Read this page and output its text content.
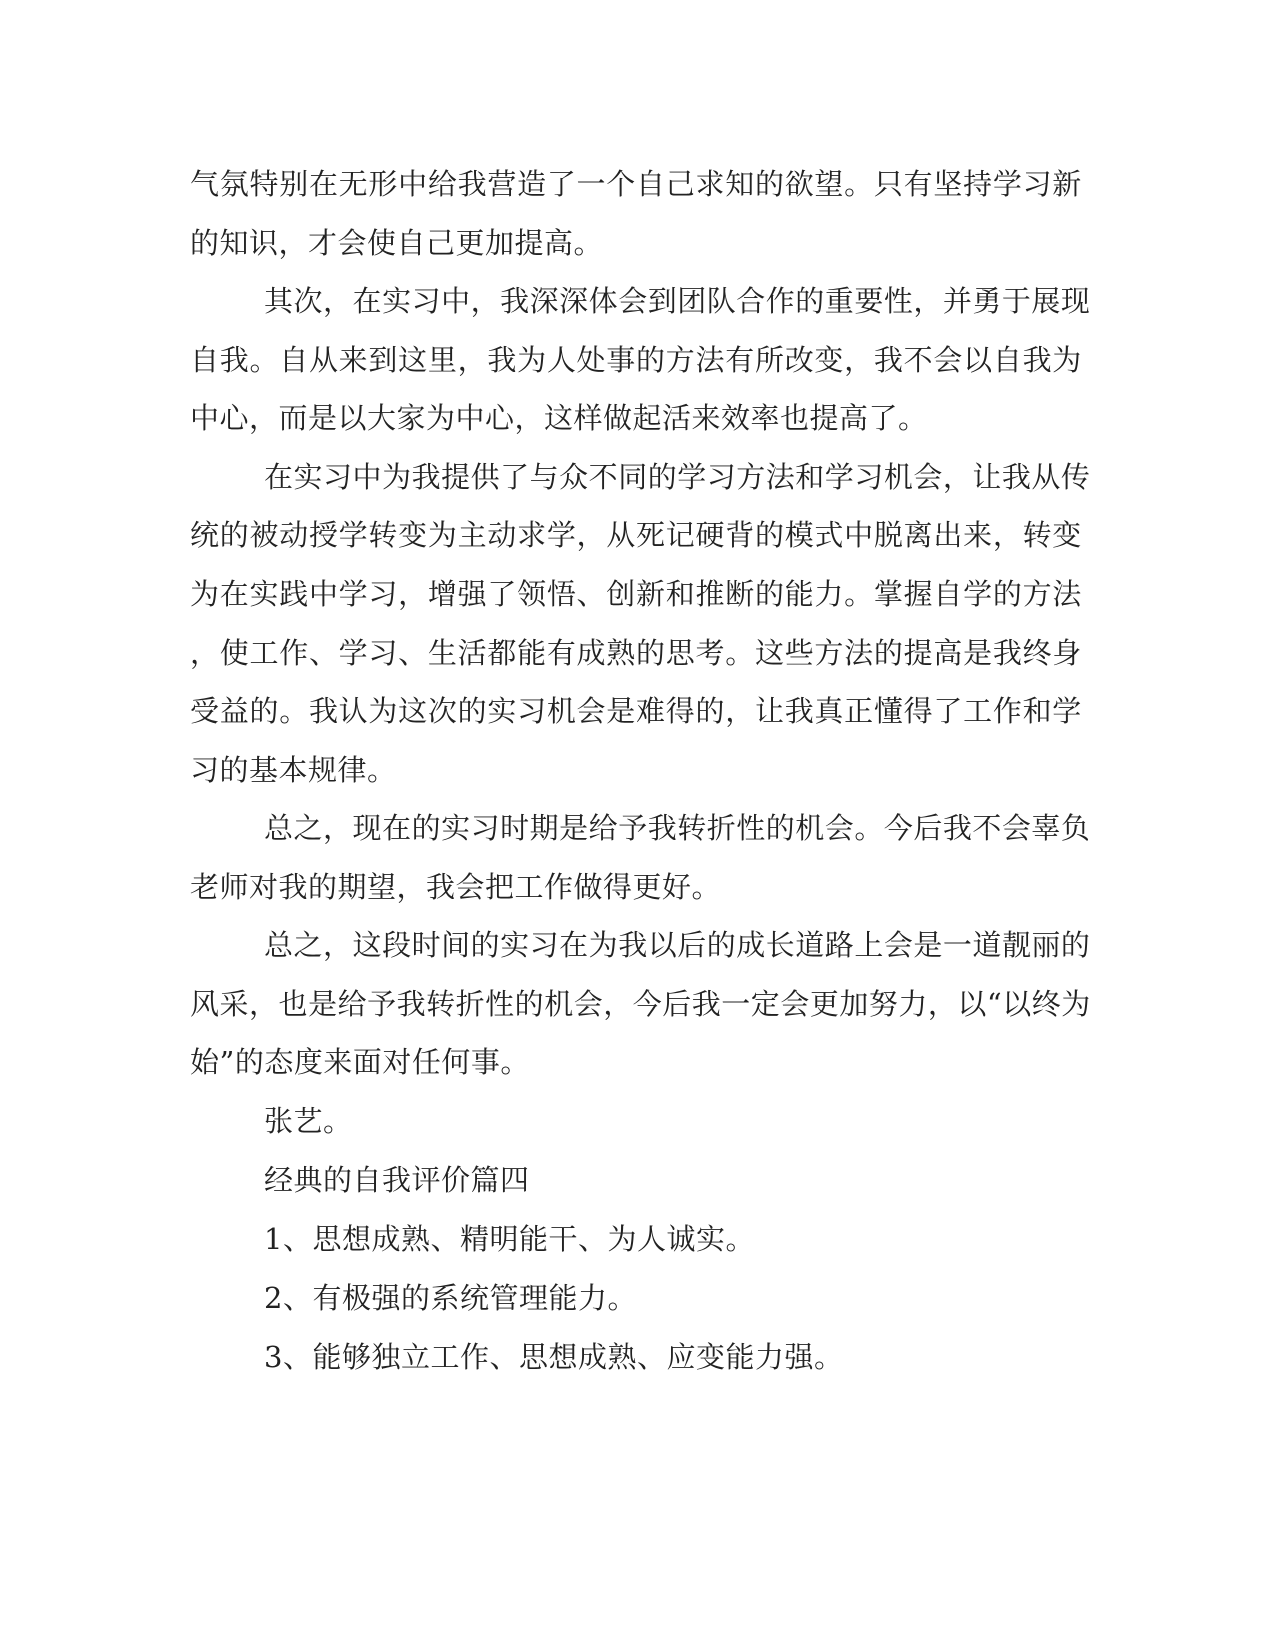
气 氛 特 别 在 无 形 中 给 我 营 造 了 一 个 自 己 求 知 的 欲 望 。 只 有 坚 持 学 习 新
的知识，才会使自己更加提高。
其 次 ， 在 实 习 中 ， 我 深 深 体 会 到 团 队 合 作 的 重 要 性 ， 并 勇 于 展 现
自 我 。 自 从 来 到 这 里 ， 我 为 人 处 事 的 方 法 有 所 改 变 ， 我 不 会 以 自 我 为
中心，而是以大家为中心，这样做起活来效率也提高了。
在 实 习 中 为 我 提 供 了 与 众 不 同 的 学 习 方 法 和 学 习 机 会 ， 让 我 从 传
统 的 被 动 授 学 转 变 为 主 动 求 学 ， 从 死 记 硬 背 的 模 式 中 脱 离 出 来 ， 转 变
为 在 实 践 中 学 习 ， 增 强 了 领 悟 、 创 新 和 推 断 的 能 力 。 掌 握 自 学 的 方 法
， 使 工 作 、 学 习 、 生 活 都 能 有 成 熟 的 思 考 。 这 些 方 法 的 提 高 是 我 终 身
受 益 的 。 我 认 为 这 次 的 实 习 机 会 是 难 得 的 ， 让 我 真 正 懂 得 了 工 作 和 学
习的基本规律。
总 之 ， 现 在 的 实 习 时 期 是 给 予 我 转 折 性 的 机 会 。 今 后 我 不 会 辜 负
老师对我的期望，我会把工作做得更好。
总 之 ， 这 段 时 间 的 实 习 在 为 我 以 后 的 成 长 道 路 上 会 是 一 道 靓 丽 的
风 采 ， 也 是 给 予 我 转 折 性 的 机 会 ， 今 后 我 一 定 会 更 加 努 力 ， 以 “ 以 终 为
始”的态度来面对任何事。
张艺。
经典的自我评价篇四
1、思想成熟、精明能干、为人诚实。
2、有极强的系统管理能力。
3、能够独立工作、思想成熟、应变能力强。
